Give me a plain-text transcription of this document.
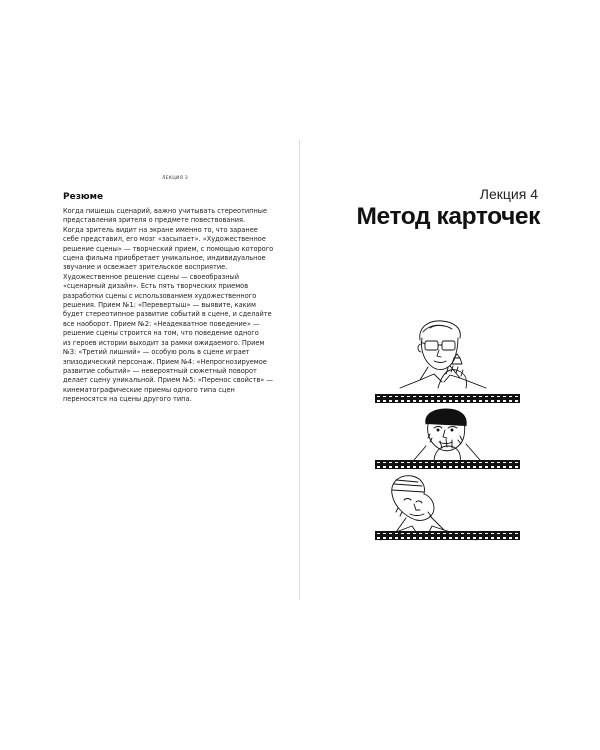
ЛЕКЦИЯ 3
Резюме
Когда пишешь сценарий, важно учитывать стереотипные
представления зрителя о предмете повествования.
Когда зритель видит на экране именно то, что заранее
себе представил, его мозг «засыпает». «Художественное
решение сцены» — творческий прием, с помощью которого
сцена фильма приобретает уникальное, индивидуальное
звучание и освежает зрительское восприятие.
Художественное решение сцены — своеобразный
«сценарный дизайн». Есть пять творческих приемов
разработки сцены с использованием художественного
решения. Прием №1: «Перевертыш» — выявите, каким
будет стереотипное развитие событий в сцене, и сделайте
все наоборот. Прием №2: «Неадекватное поведение» —
решение сцены строится на том, что поведение одного
из героев истории выходит за рамки ожидаемого. Прием
№3: «Третий лишний» — особую роль в сцене играет
эпизодический персонаж. Прием №4: «Непрогнозируемое
развитие событий» — невероятный сюжетный поворот
делает сцену уникальной. Прием №5: «Перенос свойств» —
кинематографические приемы одного типа сцен
переносятся на сцены другого типа.
Лекция 4
Метод карточек
